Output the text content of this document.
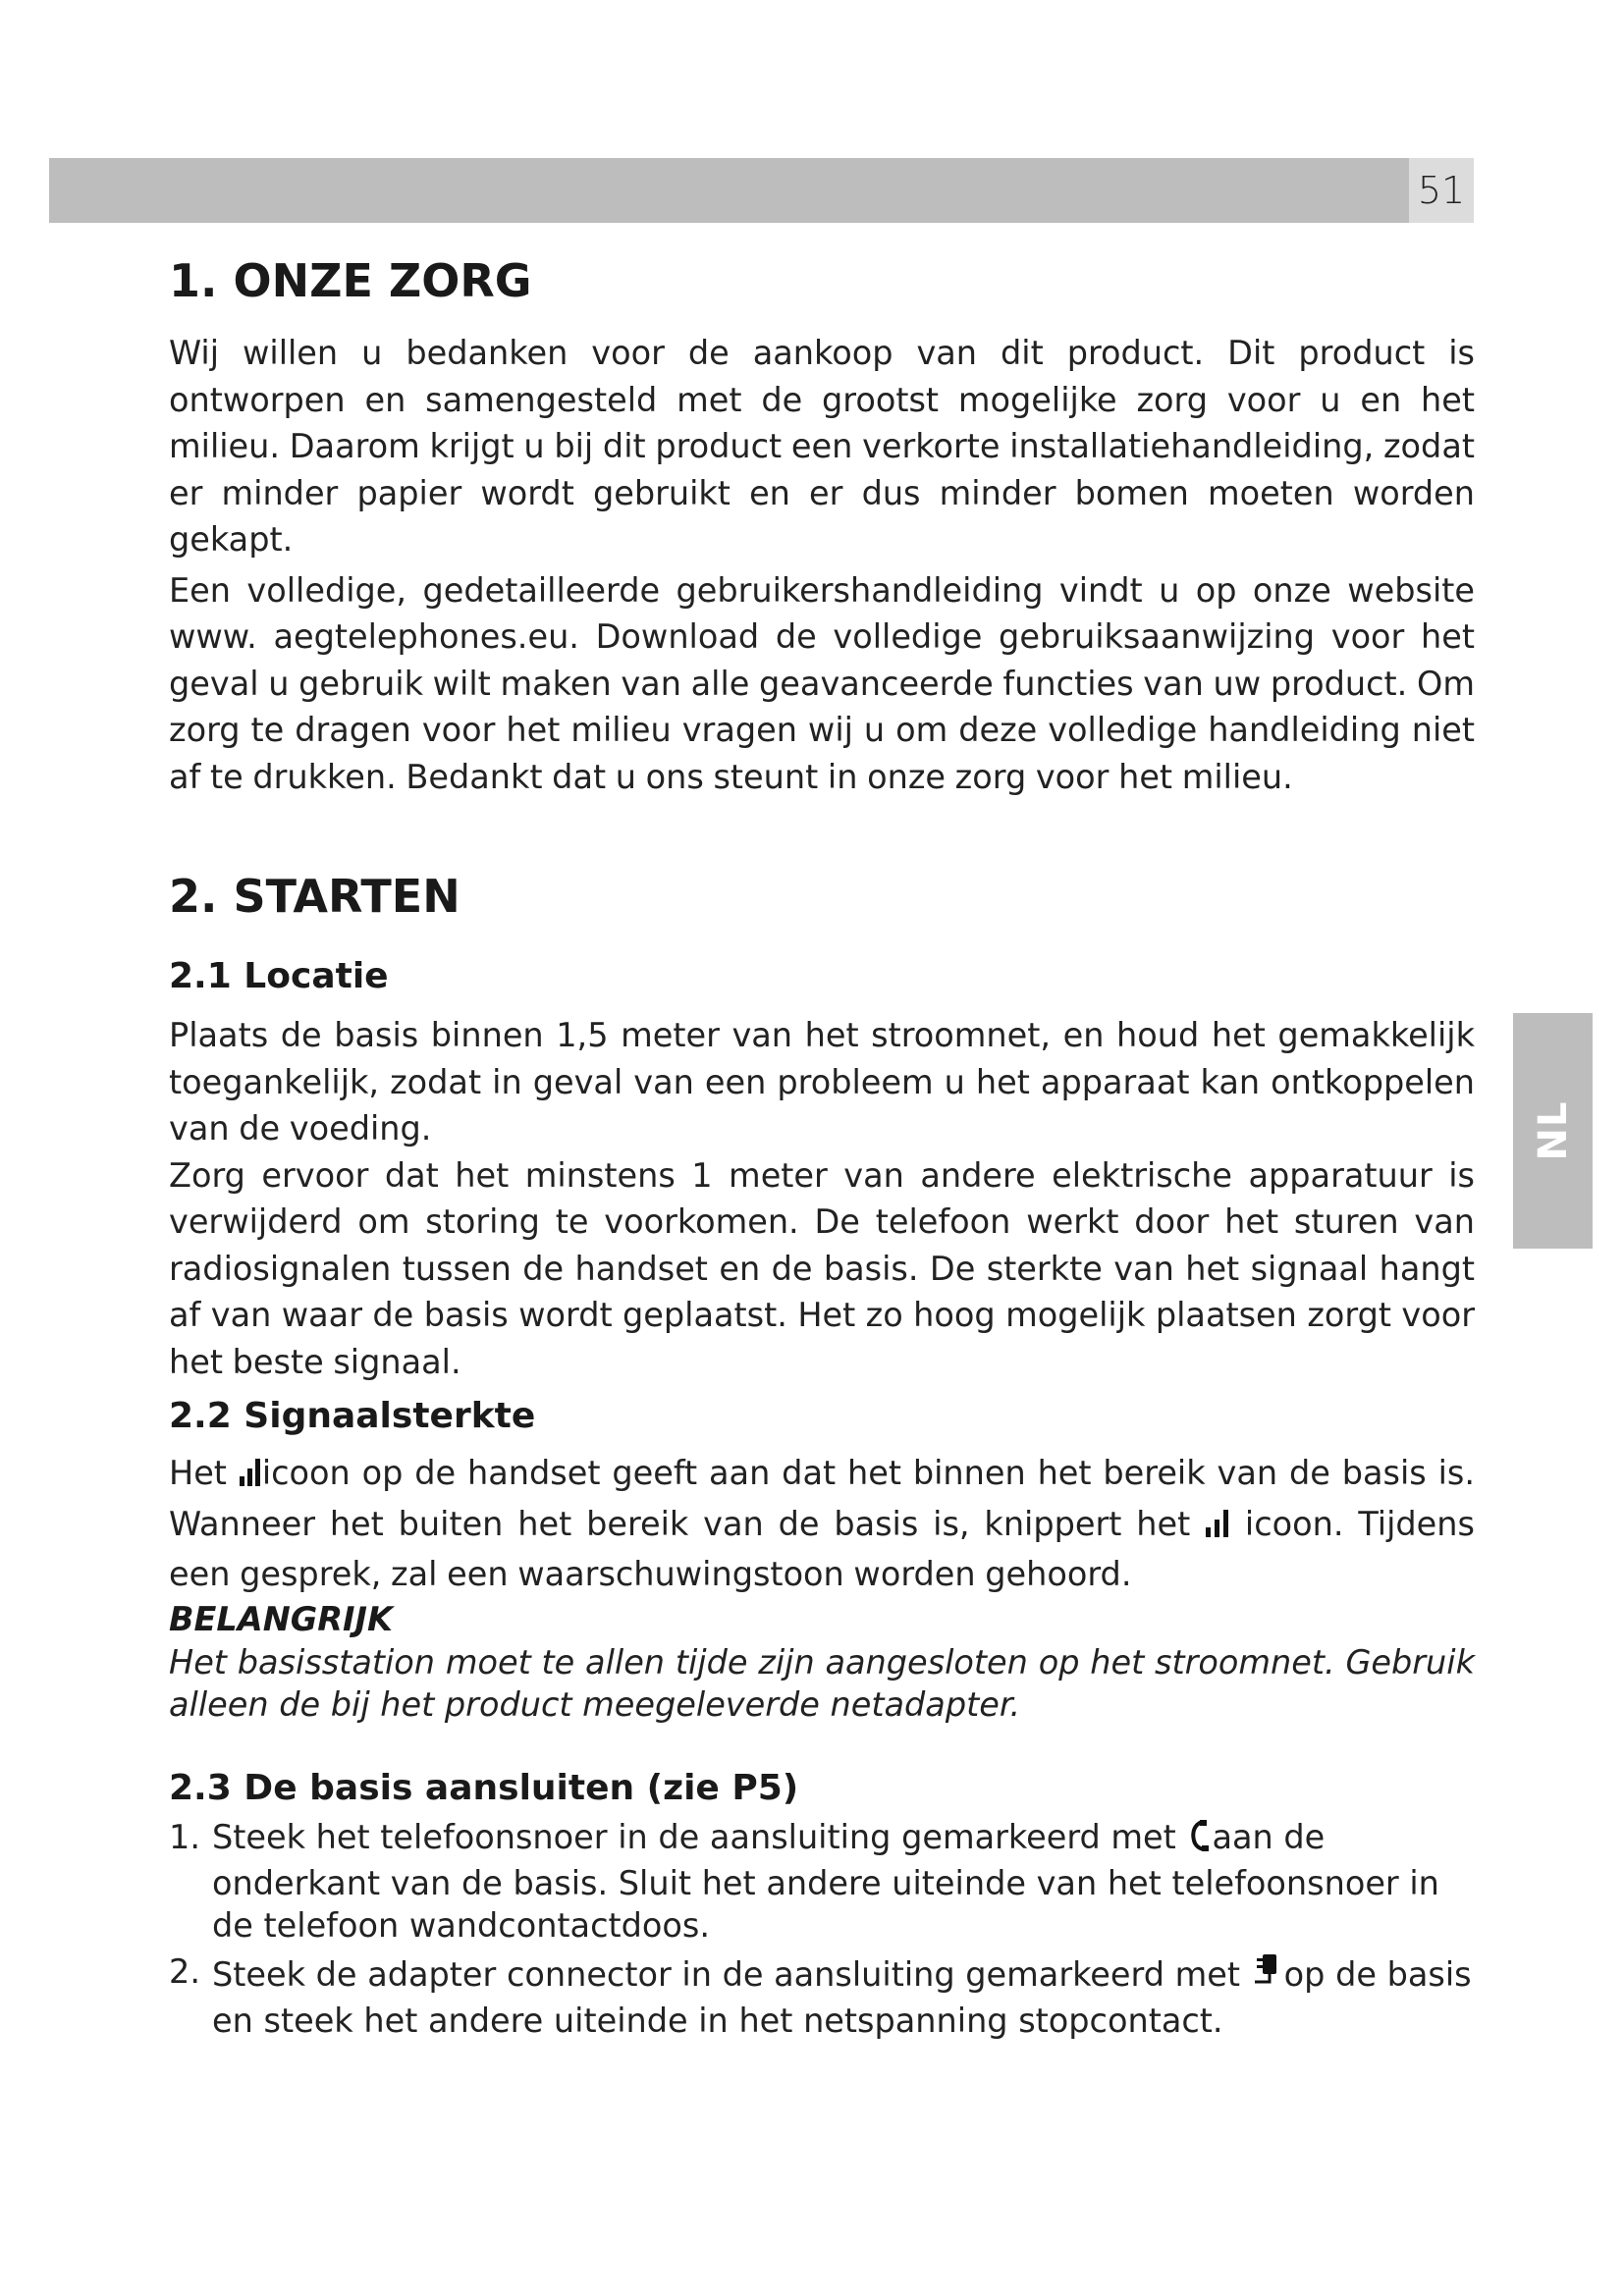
51
NL
1. ONZE ZORG

Wij willen u bedanken voor de aankoop van dit product. Dit product is ontworpen en samengesteld met de grootst mogelijke zorg voor u en het milieu. Daarom krijgt u bij dit product een verkorte installatiehandleiding, zodat er minder papier wordt gebruikt en er dus minder bomen moeten worden gekapt.

Een volledige, gedetailleerde gebruikershandleiding vindt u op onze website www. aegtelephones.eu. Download de volledige gebruiksaanwijzing voor het geval u gebruik wilt maken van alle geavanceerde functies van uw product. Om zorg te dragen voor het milieu vragen wij u om deze volledige handleiding niet af te drukken. Bedankt dat u ons steunt in onze zorg voor het milieu.

2. STARTEN
2.1 Locatie

Plaats de basis binnen 1,5 meter van het stroomnet, en houd het gemakkelijk toegankelijk, zodat in geval van een probleem u het apparaat kan ontkoppelen van de voeding.

Zorg ervoor dat het minstens 1 meter van andere elektrische apparatuur is verwijderd om storing te voorkomen. De telefoon werkt door het sturen van radiosignalen tussen de handset en de basis. De sterkte van het signaal hangt af van waar de basis wordt geplaatst. Het zo hoog mogelijk plaatsen zorgt voor het beste signaal.

2.2 Signaalsterkte

Het icoon op de handset geeft aan dat het binnen het bereik van de basis is. Wanneer het buiten het bereik van de basis is, knippert het  icoon. Tijdens een gesprek, zal een waarschuwingstoon worden gehoord.

BELANGRIJK
Het basisstation moet te allen tijde zijn aangesloten op het stroomnet. Gebruik alleen de bij het product meegeleverde netadapter.
2.3 De basis aansluiten (zie P5)
1. Steek het telefoonsnoer in de aansluiting gemarkeerd met aan de onderkant van de basis. Sluit het andere uiteinde van het telefoonsnoer in de telefoon wandcontactdoos.
2. Steek de adapter connector in de aansluiting gemarkeerd met op de basis en steek het andere uiteinde in het netspanning stopcontact.
